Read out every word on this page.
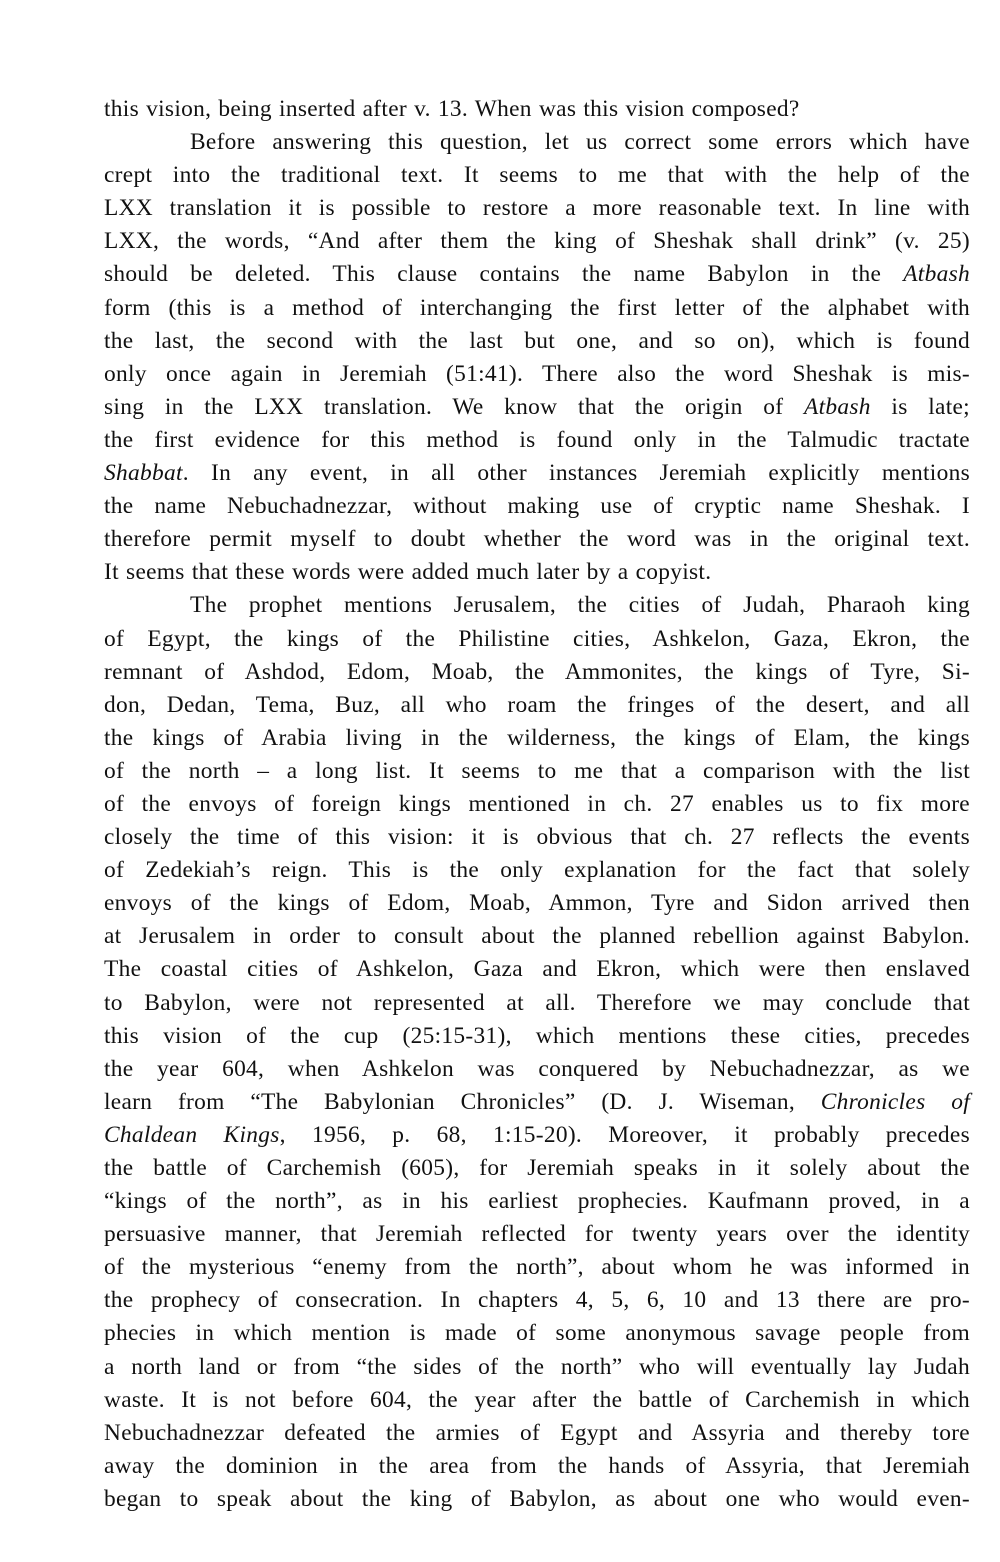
this vision, being inserted after v. 13. When was this vision composed?
Before answering this question, let us correct some errors which have
crept into the traditional text. It seems to me that with the help of the
LXX translation it is possible to restore a more reasonable text. In line with
LXX, the words, “And after them the king of Sheshak shall drink” (v. 25)
should be deleted. This clause contains the name Babylon in the Atbash
form (this is a method of interchanging the first letter of the alphabet with
the last, the second with the last but one, and so on), which is found
only once again in Jeremiah (51:41). There also the word Sheshak is mis-
sing in the LXX translation. We know that the origin of Atbash is late;
the first evidence for this method is found only in the Talmudic tractate
Shabbat. In any event, in all other instances Jeremiah explicitly mentions
the name Nebuchadnezzar, without making use of cryptic name Sheshak. I
therefore permit myself to doubt whether the word was in the original text.
It seems that these words were added much later by a copyist.
The prophet mentions Jerusalem, the cities of Judah, Pharaoh king
of Egypt, the kings of the Philistine cities, Ashkelon, Gaza, Ekron, the
remnant of Ashdod, Edom, Moab, the Ammonites, the kings of Tyre, Si-
don, Dedan, Tema, Buz, all who roam the fringes of the desert, and all
the kings of Arabia living in the wilderness, the kings of Elam, the kings
of the north – a long list. It seems to me that a comparison with the list
of the envoys of foreign kings mentioned in ch. 27 enables us to fix more
closely the time of this vision: it is obvious that ch. 27 reflects the events
of Zedekiah’s reign. This is the only explanation for the fact that solely
envoys of the kings of Edom, Moab, Ammon, Tyre and Sidon arrived then
at Jerusalem in order to consult about the planned rebellion against Babylon.
The coastal cities of Ashkelon, Gaza and Ekron, which were then enslaved
to Babylon, were not represented at all. Therefore we may conclude that
this vision of the cup (25:15-31), which mentions these cities, precedes
the year 604, when Ashkelon was conquered by Nebuchadnezzar, as we
learn from “The Babylonian Chronicles” (D. J. Wiseman, Chronicles of
Chaldean Kings, 1956, p. 68, 1:15-20). Moreover, it probably precedes
the battle of Carchemish (605), for Jeremiah speaks in it solely about the
“kings of the north”, as in his earliest prophecies. Kaufmann proved, in a
persuasive manner, that Jeremiah reflected for twenty years over the identity
of the mysterious “enemy from the north”, about whom he was informed in
the prophecy of consecration. In chapters 4, 5, 6, 10 and 13 there are pro-
phecies in which mention is made of some anonymous savage people from
a north land or from “the sides of the north” who will eventually lay Judah
waste. It is not before 604, the year after the battle of Carchemish in which
Nebuchadnezzar defeated the armies of Egypt and Assyria and thereby tore
away the dominion in the area from the hands of Assyria, that Jeremiah
began to speak about the king of Babylon, as about one who would even-
